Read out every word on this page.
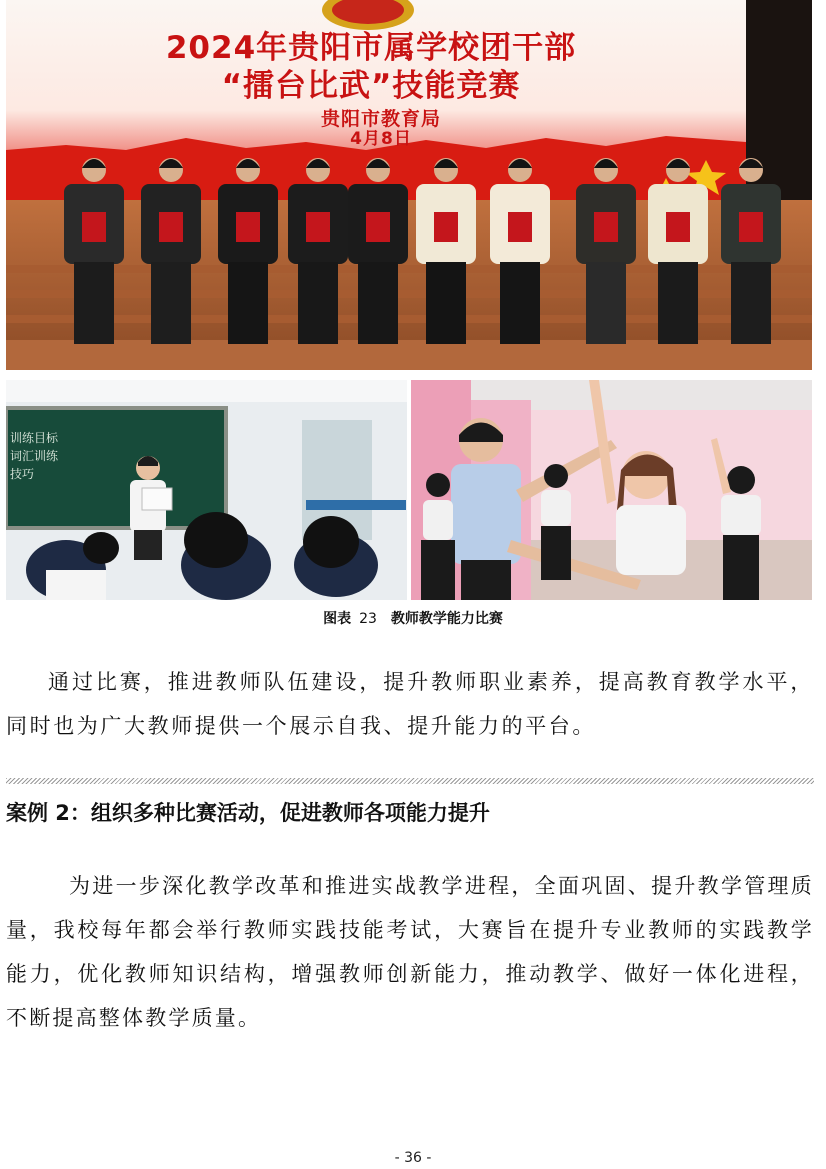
2024年贵阳市属学校团干部
“擂台比武”技能竞赛
贵阳市教育局
4月8日
训练目标
词汇训练
技巧
图表 23 教师教学能力比赛
通过比赛，推进教师队伍建设，提升教师职业素养，提高教育教学水平，同时也为广大教师提供一个展示自我、提升能力的平台。
案例 2：组织多种比赛活动，促进教师各项能力提升
为进一步深化教学改革和推进实战教学进程，全面巩固、提升教学管理质量，我校每年都会举行教师实践技能考试，大赛旨在提升专业教师的实践教学能力，优化教师知识结构，增强教师创新能力，推动教学、做好一体化进程，不断提高整体教学质量。
- 36 -
